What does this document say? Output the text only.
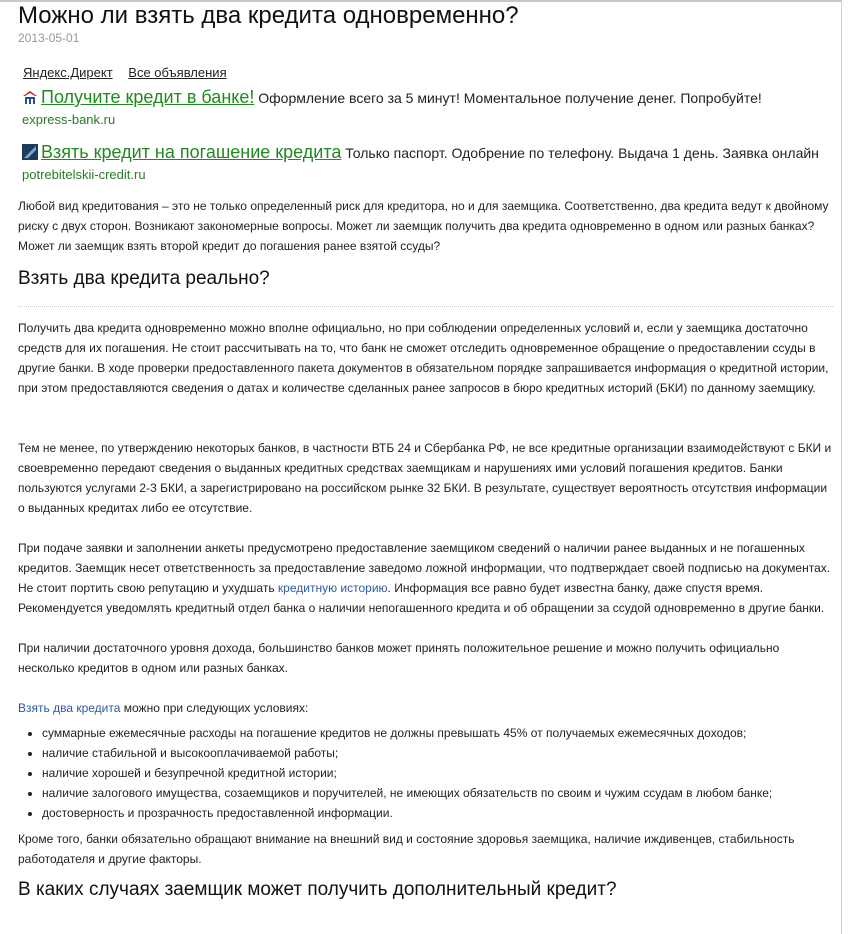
Можно ли взять два кредита одновременно?
2013-05-01
Яндекс.Директ Все объявления
Получите кредит в банке! Оформление всего за 5 минут! Моментальное получение денег. Попробуйте!
express-bank.ru
Взять кредит на погашение кредита Только паспорт. Одобрение по телефону. Выдача 1 день. Заявка онлайн
potrebitelskii-credit.ru

Любой вид кредитования – это не только определенный риск для кредитора, но и для заемщика. Соответственно, два кредита ведут к двойному риску с двух сторон. Возникают закономерные вопросы. Может ли заемщик получить два кредита одновременно в одном или разных банках? Может ли заемщик взять второй кредит до погашения ранее взятой ссуды?

Взять два кредита реально?

Получить два кредита одновременно можно вполне официально, но при соблюдении определенных условий и, если у заемщика достаточно средств для их погашения. Не стоит рассчитывать на то, что банк не сможет отследить одновременное обращение о предоставлении ссуды в другие банки. В ходе проверки предоставленного пакета документов в обязательном порядке запрашивается информация о кредитной истории, при этом предоставляются сведения о датах и количестве сделанных ранее запросов в бюро кредитных историй (БКИ) по данному заемщику.

Тем не менее, по утверждению некоторых банков, в частности ВТБ 24 и Сбербанка РФ, не все кредитные организации взаимодействуют с БКИ и своевременно передают сведения о выданных кредитных средствах заемщикам и нарушениях ими условий погашения кредитов. Банки пользуются услугами 2-3 БКИ, а зарегистрировано на российском рынке 32 БКИ. В результате, существует вероятность отсутствия информации о выданных кредитах либо ее отсутствие.

При подаче заявки и заполнении анкеты предусмотрено предоставление заемщиком сведений о наличии ранее выданных и не погашенных кредитов. Заемщик несет ответственность за предоставление заведомо ложной информации, что подтверждает своей подписью на документах. Не стоит портить свою репутацию и ухудшать кредитную историю. Информация все равно будет известна банку, даже спустя время. Рекомендуется уведомлять кредитный отдел банка о наличии непогашенного кредита и об обращении за ссудой одновременно в другие банки.

При наличии достаточного уровня дохода, большинство банков может принять положительное решение и можно получить официально несколько кредитов в одном или разных банках.

Взять два кредита можно при следующих условиях:

• суммарные ежемесячные расходы на погашение кредитов не должны превышать 45% от получаемых ежемесячных доходов;
• наличие стабильной и высокооплачиваемой работы;
• наличие хорошей и безупречной кредитной истории;
• наличие залогового имущества, созаемщиков и поручителей, не имеющих обязательств по своим и чужим ссудам в любом банке;
• достоверность и прозрачность предоставленной информации.

Кроме того, банки обязательно обращают внимание на внешний вид и состояние здоровья заемщика, наличие иждивенцев, стабильность работодателя и другие факторы.

В каких случаях заемщик может получить дополнительный кредит?
